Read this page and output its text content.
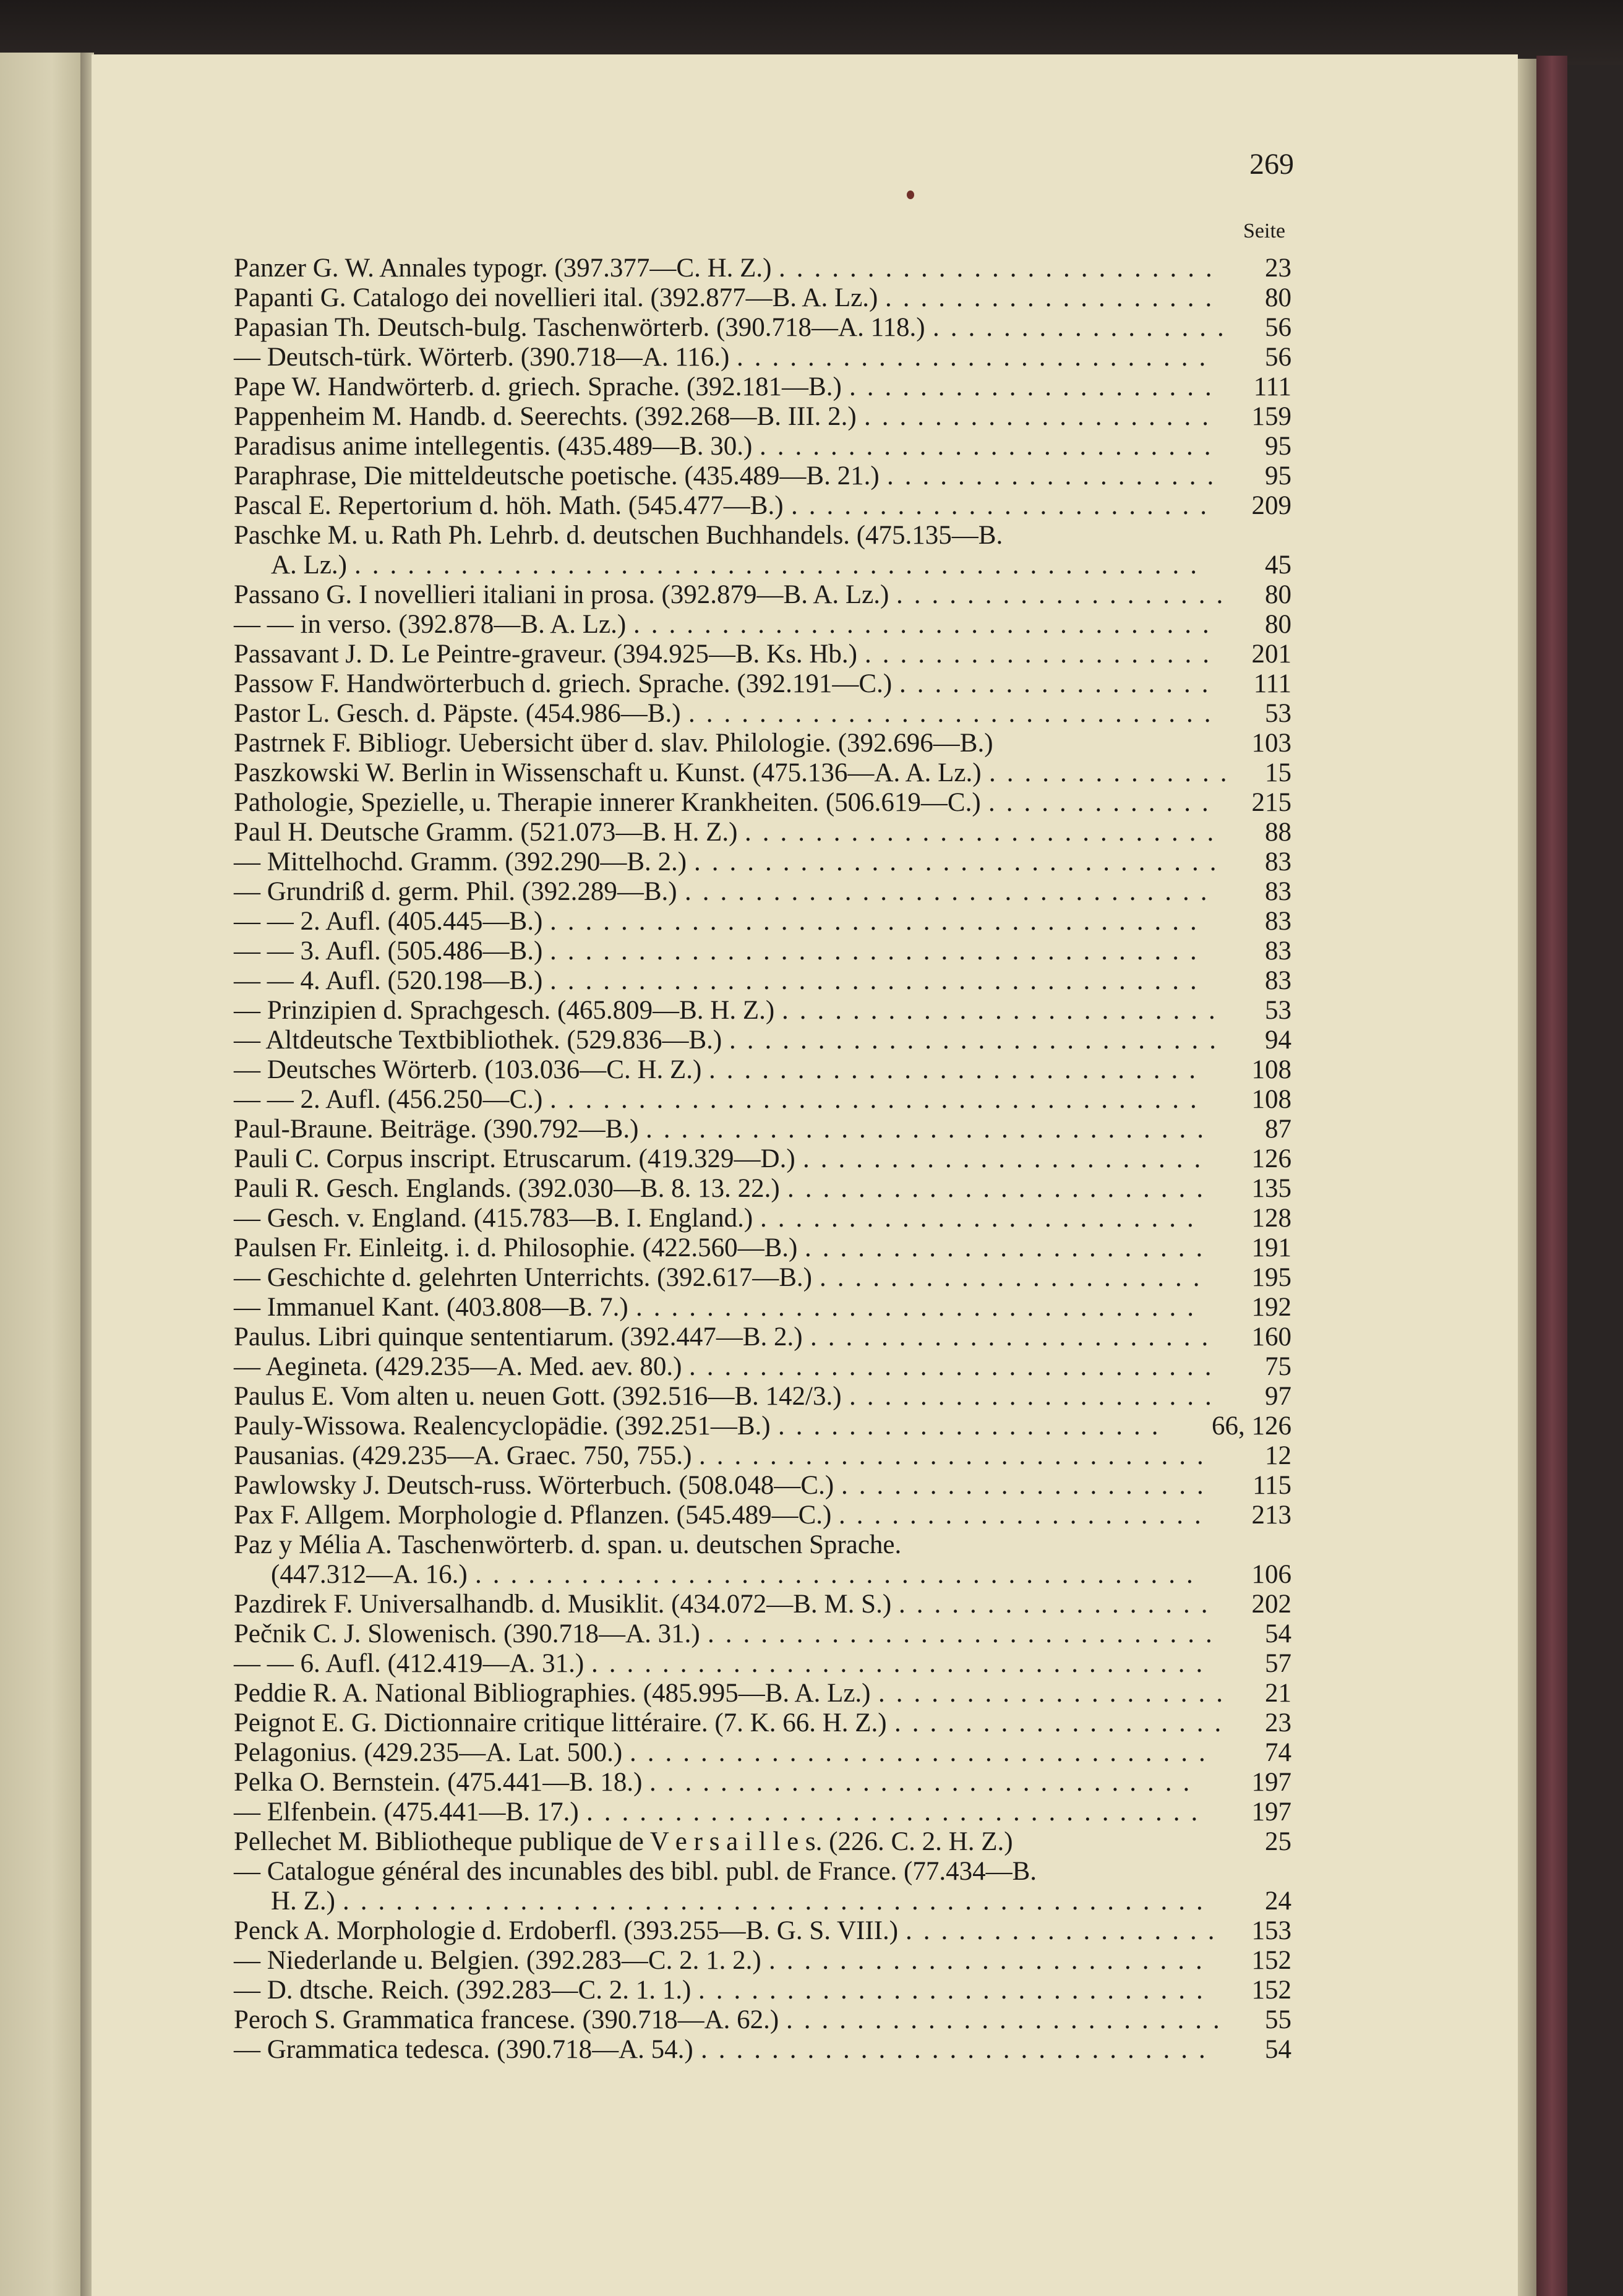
269
Seite
Panzer G. W. Annales typogr. (397.377—C. H. Z.)	23
.........................
Papanti G. Catalogo dei novellieri ital. (392.877—B. A. Lz.)	80
...................
Papasian Th. Deutsch-bulg. Taschenwörterb. (390.718—A. 118.)	56
.................
— Deutsch-türk. Wörterb. (390.718—A. 116.)	56
...........................
Pape W. Handwörterb. d. griech. Sprache. (392.181—B.)	111
.....................
Pappenheim M. Handb. d. Seerechts. (392.268—B. III. 2.)	159
....................
Paradisus anime intellegentis. (435.489—B. 30.)	95
..........................
Paraphrase, Die mitteldeutsche poetische. (435.489—B. 21.)	95
...................
Pascal E. Repertorium d. höh. Math. (545.477—B.)	209
........................
Paschke M. u. Rath Ph. Lehrb. d. deutschen Buchhandels. (475.135—B.
A. Lz.)	45
................................................
Passano G. I novellieri italiani in prosa. (392.879—B. A. Lz.)	80
...................
— — in verso. (392.878—B. A. Lz.)	80
.................................
Passavant J. D. Le Peintre-graveur. (394.925—B. Ks. Hb.)	201
....................
Passow F. Handwörterbuch d. griech. Sprache. (392.191—C.)	111
..................
Pastor L. Gesch. d. Päpste. (454.986—B.)	53
..............................
Pastrnek F. Bibliogr. Uebersicht über d. slav. Philologie. (392.696—B.)	103
Paszkowski W. Berlin in Wissenschaft u. Kunst. (475.136—A. A. Lz.)	15
..............
Pathologie, Spezielle, u. Therapie innerer Krankheiten. (506.619—C.)	215
.............
Paul H. Deutsche Gramm. (521.073—B. H. Z.)	88
...........................
— Mittelhochd. Gramm. (392.290—B. 2.)	83
..............................
— Grundriß d. germ. Phil. (392.289—B.)	83
..............................
— — 2. Aufl. (405.445—B.)	83
.....................................
— — 3. Aufl. (505.486—B.)	83
.....................................
— — 4. Aufl. (520.198—B.)	83
.....................................
— Prinzipien d. Sprachgesch. (465.809—B. H. Z.)	53
.........................
— Altdeutsche Textbibliothek. (529.836—B.)	94
............................
— Deutsches Wörterb. (103.036—C. H. Z.)	108
............................
— — 2. Aufl. (456.250—C.)	108
.....................................
Paul-Braune. Beiträge. (390.792—B.)	87
................................
Pauli C. Corpus inscript. Etruscarum. (419.329—D.)	126
.......................
Pauli R. Gesch. Englands. (392.030—B. 8. 13. 22.)	135
........................
— Gesch. v. England. (415.783—B. I. England.)	128
.........................
Paulsen Fr. Einleitg. i. d. Philosophie. (422.560—B.)	191
.......................
— Geschichte d. gelehrten Unterrichts. (392.617—B.)	195
......................
— Immanuel Kant. (403.808—B. 7.)	192
................................
Paulus. Libri quinque sententiarum. (392.447—B. 2.)	160
.......................
— Aegineta. (429.235—A. Med. aev. 80.)	75
..............................
Paulus E. Vom alten u. neuen Gott. (392.516—B. 142/3.)	97
.....................
Pauly-Wissowa. Realencyclopädie. (392.251—B.)	66, 126
......................
Pausanias. (429.235—A. Graec. 750, 755.)	12
.............................
Pawlowsky J. Deutsch-russ. Wörterbuch. (508.048—C.)	115
.....................
Pax F. Allgem. Morphologie d. Pflanzen. (545.489—C.)	213
.....................
Paz y Mélia A. Taschenwörterb. d. span. u. deutschen Sprache.
(447.312—A. 16.)	106
.........................................
Pazdirek F. Universalhandb. d. Musiklit. (434.072—B. M. S.)	202
..................
Pečnik C. J. Slowenisch. (390.718—A. 31.)	54
.............................
— — 6. Aufl. (412.419—A. 31.)	57
...................................
Peddie R. A. National Bibliographies. (485.995—B. A. Lz.)	21
....................
Peignot E. G. Dictionnaire critique littéraire. (7. K. 66. H. Z.)	23
...................
Pelagonius. (429.235—A. Lat. 500.)	74
.................................
Pelka O. Bernstein. (475.441—B. 18.)	197
...............................
— Elfenbein. (475.441—B. 17.)	197
...................................
Pellechet M. Bibliotheque publique de V e r s a i l l e s. (226. C. 2. H. Z.)	25
— Catalogue général des incunables des bibl. publ. de France. (77.434—B.
H. Z.)	24
.................................................
Penck A. Morphologie d. Erdoberfl. (393.255—B. G. S. VIII.)	153
..................
— Niederlande u. Belgien. (392.283—C. 2. 1. 2.)	152
.........................
— D. dtsche. Reich. (392.283—C. 2. 1. 1.)	152
.............................
Peroch S. Grammatica francese. (390.718—A. 62.)	55
.........................
— Grammatica tedesca. (390.718—A. 54.)	54
.............................
